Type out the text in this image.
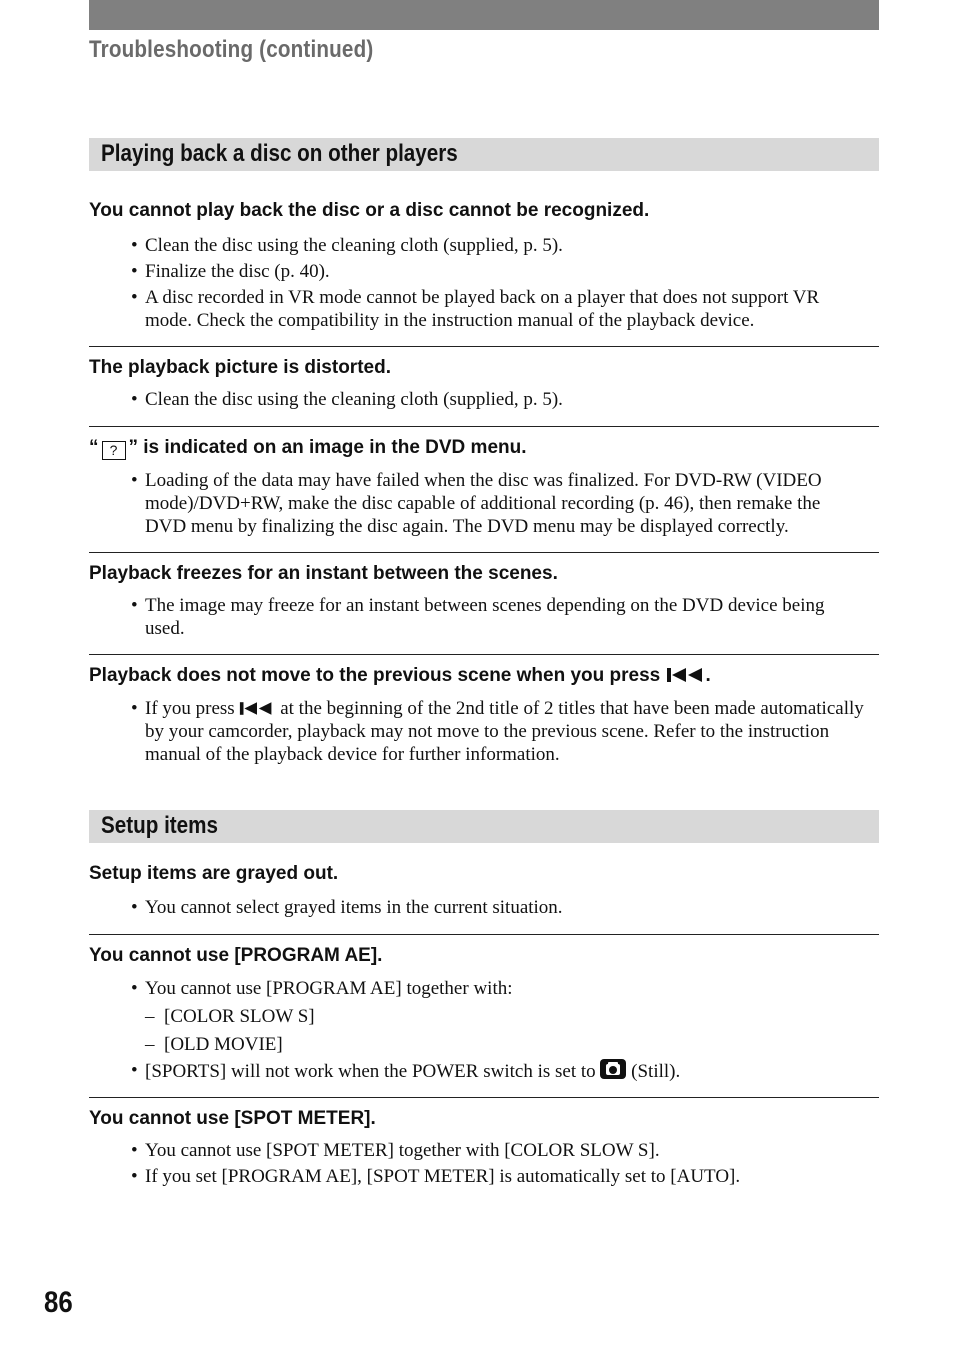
Troubleshooting (continued)
Playing back a disc on other players
You cannot play back the disc or a disc cannot be recognized.
• Clean the disc using the cleaning cloth (supplied, p. 5).
• Finalize the disc (p. 40).
• A disc recorded in VR mode cannot be played back on a player that does not support VR mode. Check the compatibility in the instruction manual of the playback device.
The playback picture is distorted.
• Clean the disc using the cleaning cloth (supplied, p. 5).
“ ? ” is indicated on an image in the DVD menu.
• Loading of the data may have failed when the disc was finalized. For DVD-RW (VIDEO mode)/DVD+RW, make the disc capable of additional recording (p. 46), then remake the DVD menu by finalizing the disc again. The DVD menu may be displayed correctly.
Playback freezes for an instant between the scenes.
• The image may freeze for an instant between scenes depending on the DVD device being used.
Playback does not move to the previous scene when you press .
• If you press at the beginning of the 2nd title of 2 titles that have been made automatically by your camcorder, playback may not move to the previous scene. Refer to the instruction manual of the playback device for further information.
Setup items
Setup items are grayed out.
• You cannot select grayed items in the current situation.
You cannot use [PROGRAM AE].
• You cannot use [PROGRAM AE] together with:
– [COLOR SLOW S]
– [OLD MOVIE]
• [SPORTS] will not work when the POWER switch is set to (Still).
You cannot use [SPOT METER].
• You cannot use [SPOT METER] together with [COLOR SLOW S].
• If you set [PROGRAM AE], [SPOT METER] is automatically set to [AUTO].
86
